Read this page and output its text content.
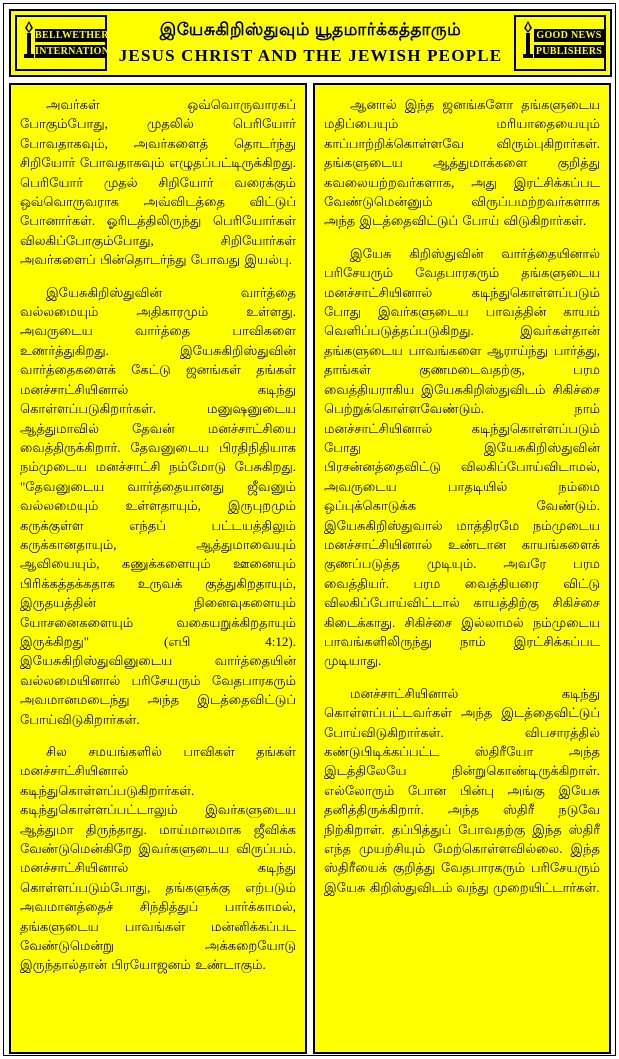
BELLWETHER
INTERNATIONAL
இயேசுகிறிஸ்துவும் யூதமார்க்கத்தாரும்
JESUS CHRIST AND THE JEWISH PEOPLE
GOOD NEWS
PUBLISHERS

அவர்கள் ஒவ்வொருவாரகப் போகும்போது, முதலில் பெரியோர் போவதாகவும், அவர்களைத் தொடர்ந்து சிறியோர் போவதாகவும் எழுதப்பட்டிருக்கிறது. பெரியோர் முதல் சிறியோர் வரைக்கும் ஒவ்வொருவராக அவ்விடத்தை விட்டுப் போனார்கள். ஓரிடத்திலிருந்து பெரியோர்கள் விலகிப்போகும்போது, சிறியோர்கள் அவர்களைப் பின்தொடர்ந்து போவது இயல்பு.

இயேசுகிறிஸ்துவின் வார்த்தை வல்லமையும் அதிகாரமும் உள்ளது. அவருடைய வார்த்தை பாவிகளை உணர்த்துகிறது. இயேசுகிறிஸ்துவின் வார்த்தைகளைக் கேட்டு ஜனங்கள் தங்கள் மனச்சாட்சியினால் கடிந்து கொள்ளப்படுகிறார்கள். மனுஷனுடைய ஆத்துமாவில் தேவன் மனச்சாட்சியை வைத்திருக்கிறார். தேவனுடைய பிரதிநிதியாக நம்முடைய மனச்சாட்சி நம்மோடு பேசுகிறது. "தேவனுடைய வார்த்தையானது ஜீவனும் வல்லமையும் உள்ளதாயும், இருபுறமும் கருக்குள்ள எந்தப் பட்டயத்திலும் கருக்கானதாயும், ஆத்துமாவையும் ஆவியையும், கணுக்களையும் ஊனையும் பிரிக்கத்தக்கதாக உருவக் குத்துகிறதாயும், இருதயத்தின் நினைவுகளையும் யோசனைகளையும் வகையறுக்கிறதாயும் இருக்கிறது" (எபி 4:12). இயேசுகிறிஸ்துவினுடைய வார்த்தையின் வல்லமையினால் பரிசேயரும் வேதபாரகரும் அவமானமடைந்து அந்த இடத்தைவிட்டுப் போய்விடுகிறார்கள்.

சில சமயங்களில் பாவிகள் தங்கள் மனச்சாட்சியினால் கடிந்துகொள்ளப்படுகிறார்கள். கடிந்துகொள்ளப்பட்டாலும் இவர்களுடைய ஆத்துமா திருந்தாது. மாய்மாலமாக ஜீவிக்க வேண்டுமென்கிறே இவர்களுடைய விருப்பம். மனச்சாட்சியினால் கடிந்து கொள்ளப்படும்போது, தங்களுக்கு எற்படும் அவமானத்தைச் சிந்தித்துப் பார்க்காமல், தங்களுடைய பாவங்கள் மன்னிக்கப்பட வேண்டுமென்று அக்கறையோடு இருந்தால்தான் பிரயோஜனம் உண்டாகும்.

ஆனால் இந்த ஜனங்களோ தங்களுடைய மதிப்பையும் மரியாதையையும் காப்பாற்றிக்கொள்ளவே விரும்புகிறார்கள். தங்களுடைய ஆத்துமாக்களை குறித்து கவலையற்றவர்களாக, அது இரட்சிக்கப்பட வேண்டுமென்னும் விருப்பமற்றவர்களாக அந்த இடத்தைவிட்டுப் போய் விடுகிறார்கள்.

இயேசு கிறிஸ்துவின் வார்த்தையினால் பரிசேயரும் வேதபாரகரும் தங்களுடைய மனச்சாட்சியினால் கடிந்துகொள்ளப்படும் போது இவர்களுடைய பாவத்தின் காயம் வெளிப்படுத்தப்படுகிறது. இவர்கள்தான் தங்களுடைய பாவங்களை ஆராய்ந்து பார்த்து, தாங்கள் குணமடைவதற்கு, பரம வைத்தியராகிய இயேசுகிறிஸ்துவிடம் சிகிச்சை பெற்றுக்கொள்ளவேண்டும். நாம் மனச்சாட்சியினால் கடிந்துகொள்ளப்படும் போது இயேசுகிறிஸ்துவின் பிரசன்னத்தைவிட்டு விலகிப்போய்விடாமல், அவருடைய பாதடியில் நம்மை ஒப்புக்கொடுக்க வேண்டும். இயேசுகிறிஸ்துவால் மாத்திரமே நம்முடைய மனச்சாட்சியினால் உண்டான காயங்களைக் குணப்படுத்த முடியும். அவரே பரம வைத்தியர். பரம வைத்தியரை விட்டு விலகிப்போய்விட்டால் காயத்திற்கு சிகிச்சை கிடைக்காது. சிகிச்சை இல்லாமல் நம்முடைய பாவங்களிலிருந்து நாம் இரட்சிக்கப்பட முடியாது.

மனச்சாட்சியினால் கடிந்து கொள்ளப்பட்டவர்கள் அந்த இடத்தைவிட்டுப் போய்விடுகிறார்கள். விபசாரத்தில் கண்டுபிடிக்கப்பட்ட ஸ்திரீயோ அந்த இடத்திலேயே நின்றுகொண்டிருக்கிறாள். எல்லோரும் போன பின்பு அங்கு இயேசு தனித்திருக்கிறார். அந்த ஸ்திரீ நடுவே நிற்கிறாள். தப்பித்துப் போவதற்கு இந்த ஸ்திரீ எந்த முயற்சியும் மேற்கொள்ளவில்லை. இந்த ஸ்திரீயைக் குறித்து வேதபாரகரும் பரிசேயரும் இயேசு கிறிஸ்துவிடம் வந்து முறையிட்டார்கள்.
